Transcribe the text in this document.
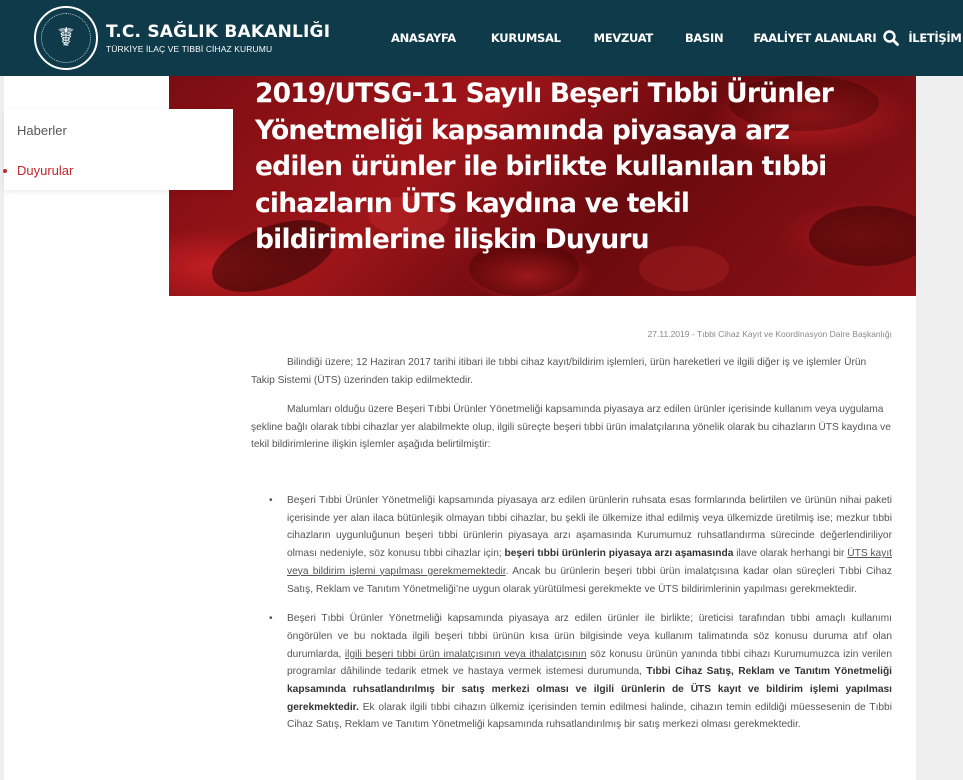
☤ T.C. SAĞLIK BAKANLIĞI
TÜRKİYE İLAÇ VE TIBBİ CİHAZ KURUMU
ANASAYFA	KURUMSAL	MEVZUAT	BASIN	FAALİYET ALANLARI	İLETİŞİM
2019/UTSG-11 Sayılı Beşeri Tıbbi Ürünler Yönetmeliği kapsamında piyasaya arz edilen ürünler ile birlikte kullanılan tıbbi cihazların ÜTS kaydına ve tekil bildirimlerine ilişkin Duyuru
Haberler
Duyurular
27.11.2019 - Tıbbi Cihaz Kayıt ve Koordinasyon Daire Başkanlığı

Bilindiği üzere; 12 Haziran 2017 tarihi itibari ile tıbbi cihaz kayıt/bildirim işlemleri, ürün hareketleri ve ilgili diğer iş ve işlemler Ürün Takip Sistemi (ÜTS) üzerinden takip edilmektedir.

Malumları olduğu üzere Beşeri Tıbbi Ürünler Yönetmeliği kapsamında piyasaya arz edilen ürünler içerisinde kullanım veya uygulama şekline bağlı olarak tıbbi cihazlar yer alabilmekte olup, ilgili süreçte beşeri tıbbi ürün imalatçılarına yönelik olarak bu cihazların ÜTS kaydına ve tekil bildirimlerine ilişkin işlemler aşağıda belirtilmiştir:

• Beşeri Tıbbi Ürünler Yönetmeliği kapsamında piyasaya arz edilen ürünlerin ruhsata esas formlarında belirtilen ve ürünün nihai paketi içerisinde yer alan ilaca bütünleşik olmayan tıbbi cihazlar, bu şekli ile ülkemize ithal edilmiş veya ülkemizde üretilmiş ise; mezkur tıbbi cihazların uygunluğunun beşeri tıbbi ürünlerin piyasaya arzı aşamasında Kurumumuz ruhsatlandırma sürecinde değerlendiriliyor olması nedeniyle, söz konusu tıbbi cihazlar için; beşeri tıbbi ürünlerin piyasaya arzı aşamasında ilave olarak herhangi bir ÜTS kayıt veya bildirim işlemi yapılması gerekmemektedir. Ancak bu ürünlerin beşeri tıbbi ürün imalatçısına kadar olan süreçleri Tıbbi Cihaz Satış, Reklam ve Tanıtım Yönetmeliği’ne uygun olarak yürütülmesi gerekmekte ve ÜTS bildirimlerinin yapılması gerekmektedir.
• Beşeri Tıbbi Ürünler Yönetmeliği kapsamında piyasaya arz edilen ürünler ile birlikte; üreticisi tarafından tıbbi amaçlı kullanımı öngörülen ve bu noktada ilgili beşeri tıbbi ürünün kısa ürün bilgisinde veya kullanım talimatında söz konusu duruma atıf olan durumlarda, ilgili beşeri tıbbi ürün imalatçısının veya ithalatçısının söz konusu ürünün yanında tıbbi cihazı Kurumumuzca izin verilen programlar dâhilinde tedarik etmek ve hastaya vermek istemesi durumunda, Tıbbi Cihaz Satış, Reklam ve Tanıtım Yönetmeliği kapsamında ruhsatlandırılmış bir satış merkezi olması ve ilgili ürünlerin de ÜTS kayıt ve bildirim işlemi yapılması gerekmektedir. Ek olarak ilgili tıbbi cihazın ülkemiz içerisinden temin edilmesi halinde, cihazın temin edildiği müessesenin de Tıbbi Cihaz Satış, Reklam ve Tanıtım Yönetmeliği kapsamında ruhsatlandırılmış bir satış merkezi olması gerekmektedir.
